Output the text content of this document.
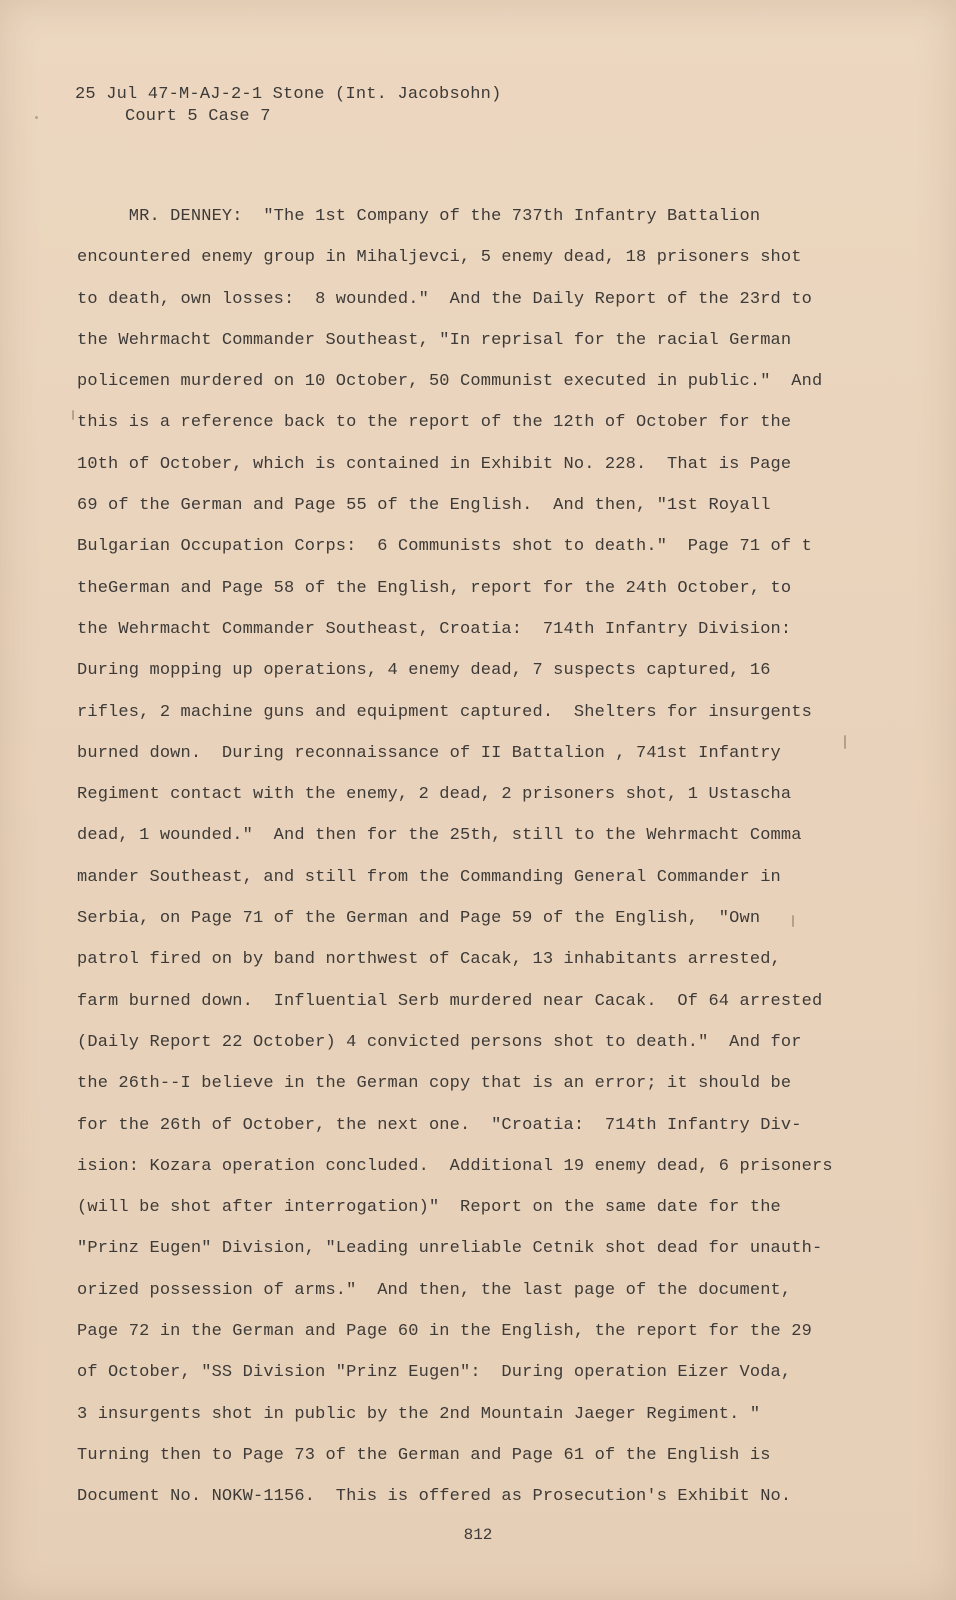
25 Jul 47-M-AJ-2-1 Stone (Int. Jacobsohn)
Court 5 Case 7
MR. DENNEY:  "The 1st Company of the 737th Infantry Battalion
encountered enemy group in Mihaljevci, 5 enemy dead, 18 prisoners shot
to death, own losses:  8 wounded."  And the Daily Report of the 23rd to
the Wehrmacht Commander Southeast, "In reprisal for the racial German
policemen murdered on 10 October, 50 Communist executed in public."  And
this is a reference back to the report of the 12th of October for the
10th of October, which is contained in Exhibit No. 228.  That is Page
69 of the German and Page 55 of the English.  And then, "1st Royall
Bulgarian Occupation Corps:  6 Communists shot to death."  Page 71 of t
theGerman and Page 58 of the English, report for the 24th October, to
the Wehrmacht Commander Southeast, Croatia:  714th Infantry Division:
During mopping up operations, 4 enemy dead, 7 suspects captured, 16
rifles, 2 machine guns and equipment captured.  Shelters for insurgents
burned down.  During reconnaissance of II Battalion , 741st Infantry
Regiment contact with the enemy, 2 dead, 2 prisoners shot, 1 Ustascha
dead, 1 wounded."  And then for the 25th, still to the Wehrmacht Comma
mander Southeast, and still from the Commanding General Commander in
Serbia, on Page 71 of the German and Page 59 of the English,  "Own
patrol fired on by band northwest of Cacak, 13 inhabitants arrested,
farm burned down.  Influential Serb murdered near Cacak.  Of 64 arrested
(Daily Report 22 October) 4 convicted persons shot to death."  And for
the 26th--I believe in the German copy that is an error; it should be
for the 26th of October, the next one.  "Croatia:  714th Infantry Div-
ision: Kozara operation concluded.  Additional 19 enemy dead, 6 prisoners
(will be shot after interrogation)"  Report on the same date for the
"Prinz Eugen" Division, "Leading unreliable Cetnik shot dead for unauth-
orized possession of arms."  And then, the last page of the document,
Page 72 in the German and Page 60 in the English, the report for the 29
of October, "SS Division "Prinz Eugen":  During operation Eizer Voda,
3 insurgents shot in public by the 2nd Mountain Jaeger Regiment. "
Turning then to Page 73 of the German and Page 61 of the English is
Document No. NOKW-1156.  This is offered as Prosecution's Exhibit No.
812
